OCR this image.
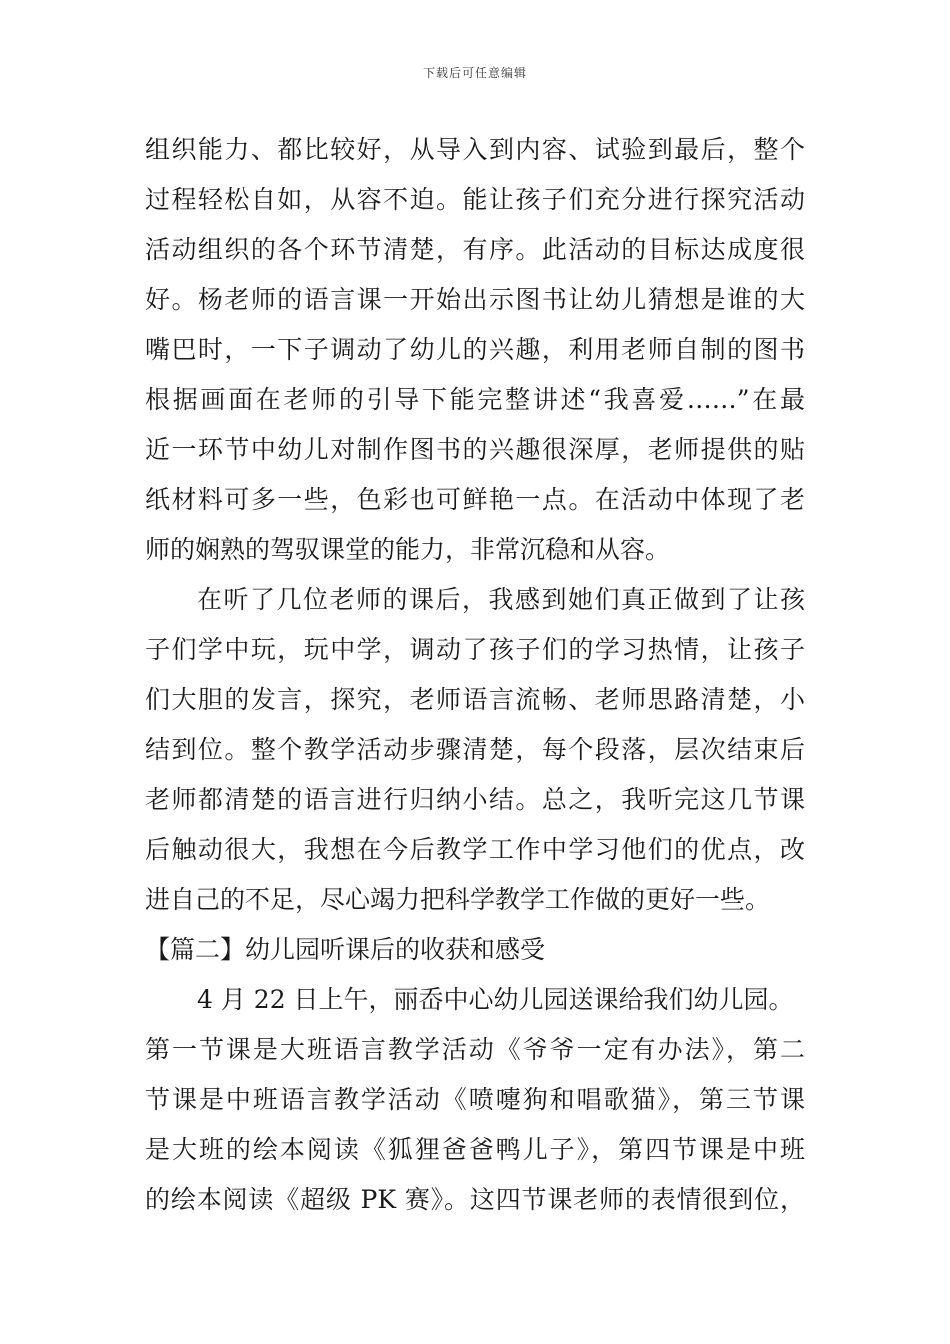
下载后可任意编辑
组织能力、都比较好，从导入到内容、试验到最后，整个
过程轻松自如，从容不迫。能让孩子们充分进行探究活动
活动组织的各个环节清楚，有序。此活动的目标达成度很
好。杨老师的语言课一开始出示图书让幼儿猜想是谁的大
嘴巴时，一下子调动了幼儿的兴趣，利用老师自制的图书
根据画面在老师的引导下能完整讲述“我喜爱……”在最
近一环节中幼儿对制作图书的兴趣很深厚，老师提供的贴
纸材料可多一些，色彩也可鲜艳一点。在活动中体现了老
师的娴熟的驾驭课堂的能力，非常沉稳和从容。
在听了几位老师的课后，我感到她们真正做到了让孩
子们学中玩，玩中学，调动了孩子们的学习热情，让孩子
们大胆的发言，探究，老师语言流畅、老师思路清楚，小
结到位。整个教学活动步骤清楚，每个段落，层次结束后
老师都清楚的语言进行归纳小结。总之，我听完这几节课
后触动很大，我想在今后教学工作中学习他们的优点，改
进自己的不足，尽心竭力把科学教学工作做的更好一些。
【篇二】幼儿园听课后的收获和感受
4 月 22 日上午，丽岙中心幼儿园送课给我们幼儿园。
第一节课是大班语言教学活动《爷爷一定有办法》，第二
节课是中班语言教学活动《喷嚏狗和唱歌猫》，第三节课
是大班的绘本阅读《狐狸爸爸鸭儿子》，第四节课是中班
的绘本阅读《超级 PK 赛》。这四节课老师的表情很到位，
